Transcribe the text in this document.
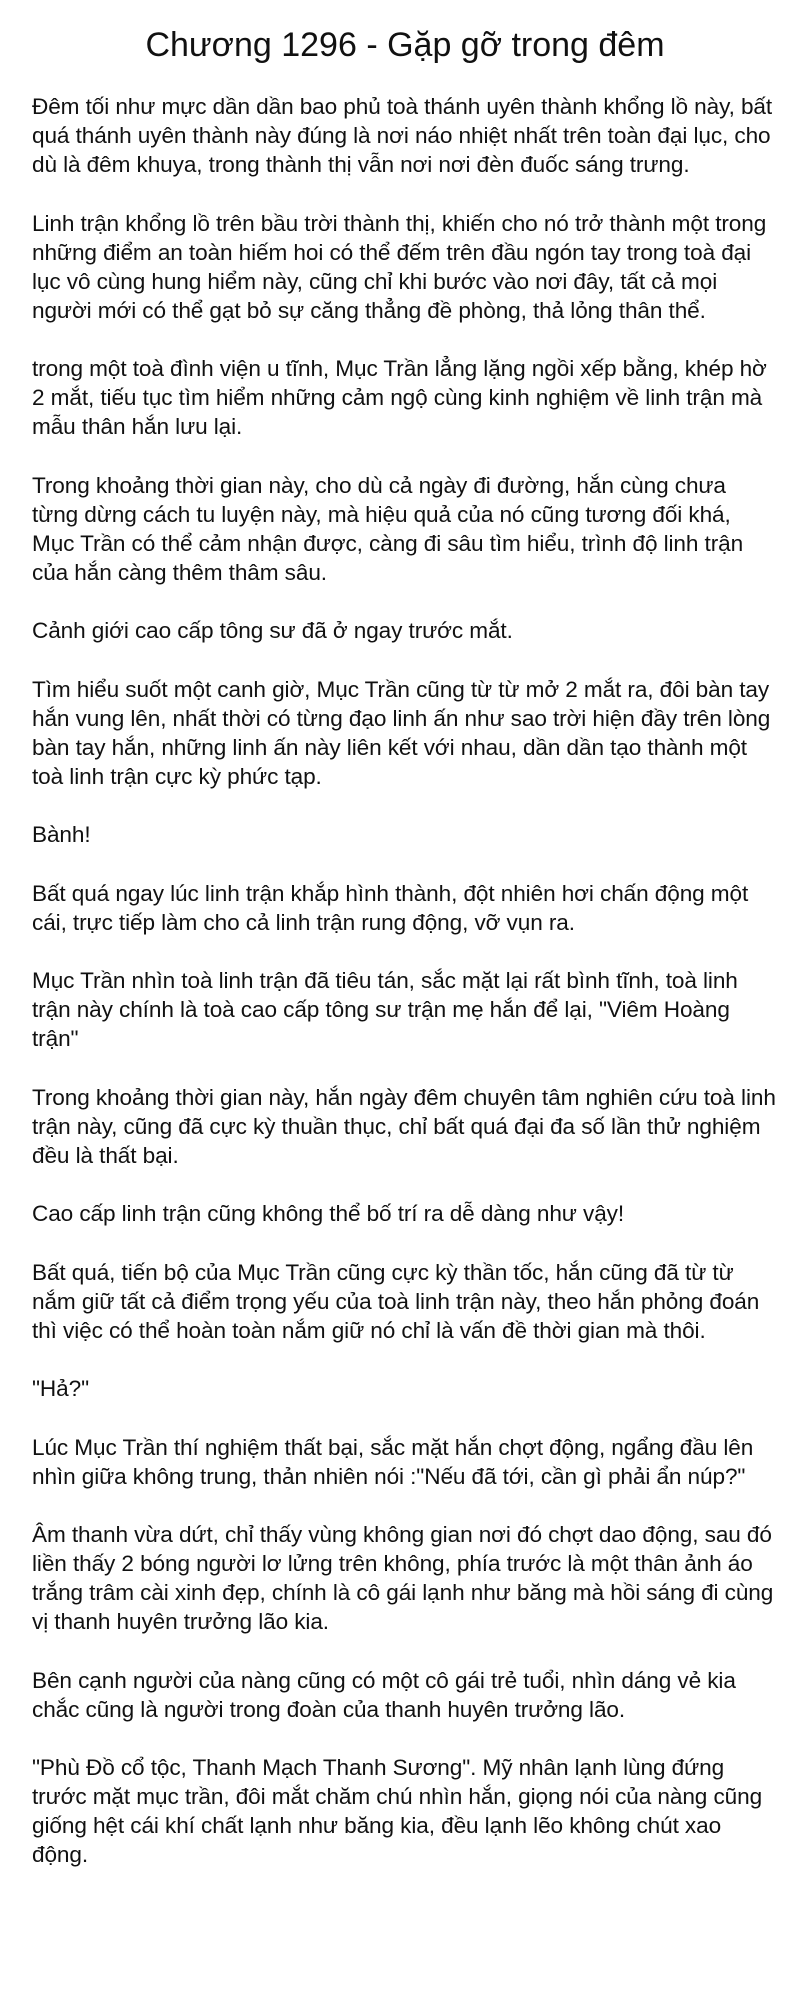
Chương 1296 - Gặp gỡ trong đêm

Đêm tối như mực dần dần bao phủ toà thánh uyên thành khổng lồ này, bất quá thánh uyên thành này đúng là nơi náo nhiệt nhất trên toàn đại lục, cho dù là đêm khuya, trong thành thị vẫn nơi nơi đèn đuốc sáng trưng.

Linh trận khổng lồ trên bầu trời thành thị, khiến cho nó trở thành một trong những điểm an toàn hiếm hoi có thể đếm trên đầu ngón tay trong toà đại lục vô cùng hung hiểm này, cũng chỉ khi bước vào nơi đây, tất cả mọi người mới có thể gạt bỏ sự căng thẳng đề phòng, thả lỏng thân thể.

trong một toà đình viện u tĩnh, Mục Trần lẳng lặng ngồi xếp bằng, khép hờ 2 mắt, tiếu tục tìm hiểm những cảm ngộ cùng kinh nghiệm về linh trận mà mẫu thân hắn lưu lại.

Trong khoảng thời gian này, cho dù cả ngày đi đường, hắn cùng chưa từng dừng cách tu luyện này, mà hiệu quả của nó cũng tương đối khá, Mục Trần có thể cảm nhận được, càng đi sâu tìm hiểu, trình độ linh trận của hắn càng thêm thâm sâu.

Cảnh giới cao cấp tông sư đã ở ngay trước mắt.

Tìm hiểu suốt một canh giờ, Mục Trần cũng từ từ mở 2 mắt ra, đôi bàn tay hắn vung lên, nhất thời có từng đạo linh ấn như sao trời hiện đầy trên lòng bàn tay hắn, những linh ấn này liên kết với nhau, dần dần tạo thành một toà linh trận cực kỳ phức tạp.

Bành!

Bất quá ngay lúc linh trận khắp hình thành, đột nhiên hơi chấn động một cái, trực tiếp làm cho cả linh trận rung động, vỡ vụn ra.

Mục Trần nhìn toà linh trận đã tiêu tán, sắc mặt lại rất bình tĩnh, toà linh trận này chính là toà cao cấp tông sư trận mẹ hắn để lại, "Viêm Hoàng trận"

Trong khoảng thời gian này, hắn ngày đêm chuyên tâm nghiên cứu toà linh trận này, cũng đã cực kỳ thuần thục, chỉ bất quá đại đa số lần thử nghiệm đều là thất bại.

Cao cấp linh trận cũng không thể bố trí ra dễ dàng như vậy!

Bất quá, tiến bộ của Mục Trần cũng cực kỳ thần tốc, hắn cũng đã từ từ nắm giữ tất cả điểm trọng yếu của toà linh trận này, theo hắn phỏng đoán thì việc có thể hoàn toàn nắm giữ nó chỉ là vấn đề thời gian mà thôi.

"Hả?"

Lúc Mục Trần thí nghiệm thất bại, sắc mặt hắn chợt động, ngẩng đầu lên nhìn giữa không trung, thản nhiên nói :"Nếu đã tới, cần gì phải ẩn núp?"

Âm thanh vừa dứt, chỉ thấy vùng không gian nơi đó chợt dao động, sau đó liền thấy 2 bóng người lơ lửng trên không, phía trước là một thân ảnh áo trắng trâm cài xinh đẹp, chính là cô gái lạnh như băng mà hồi sáng đi cùng vị thanh huyên trưởng lão kia.

Bên cạnh người của nàng cũng có một cô gái trẻ tuổi, nhìn dáng vẻ kia chắc cũng là người trong đoàn của thanh huyên trưởng lão.

"Phù Đồ cổ tộc, Thanh Mạch Thanh Sương". Mỹ nhân lạnh lùng đứng trước mặt mục trần, đôi mắt chăm chú nhìn hắn, giọng nói của nàng cũng giống hệt cái khí chất lạnh như băng kia, đều lạnh lẽo không chút xao động.
